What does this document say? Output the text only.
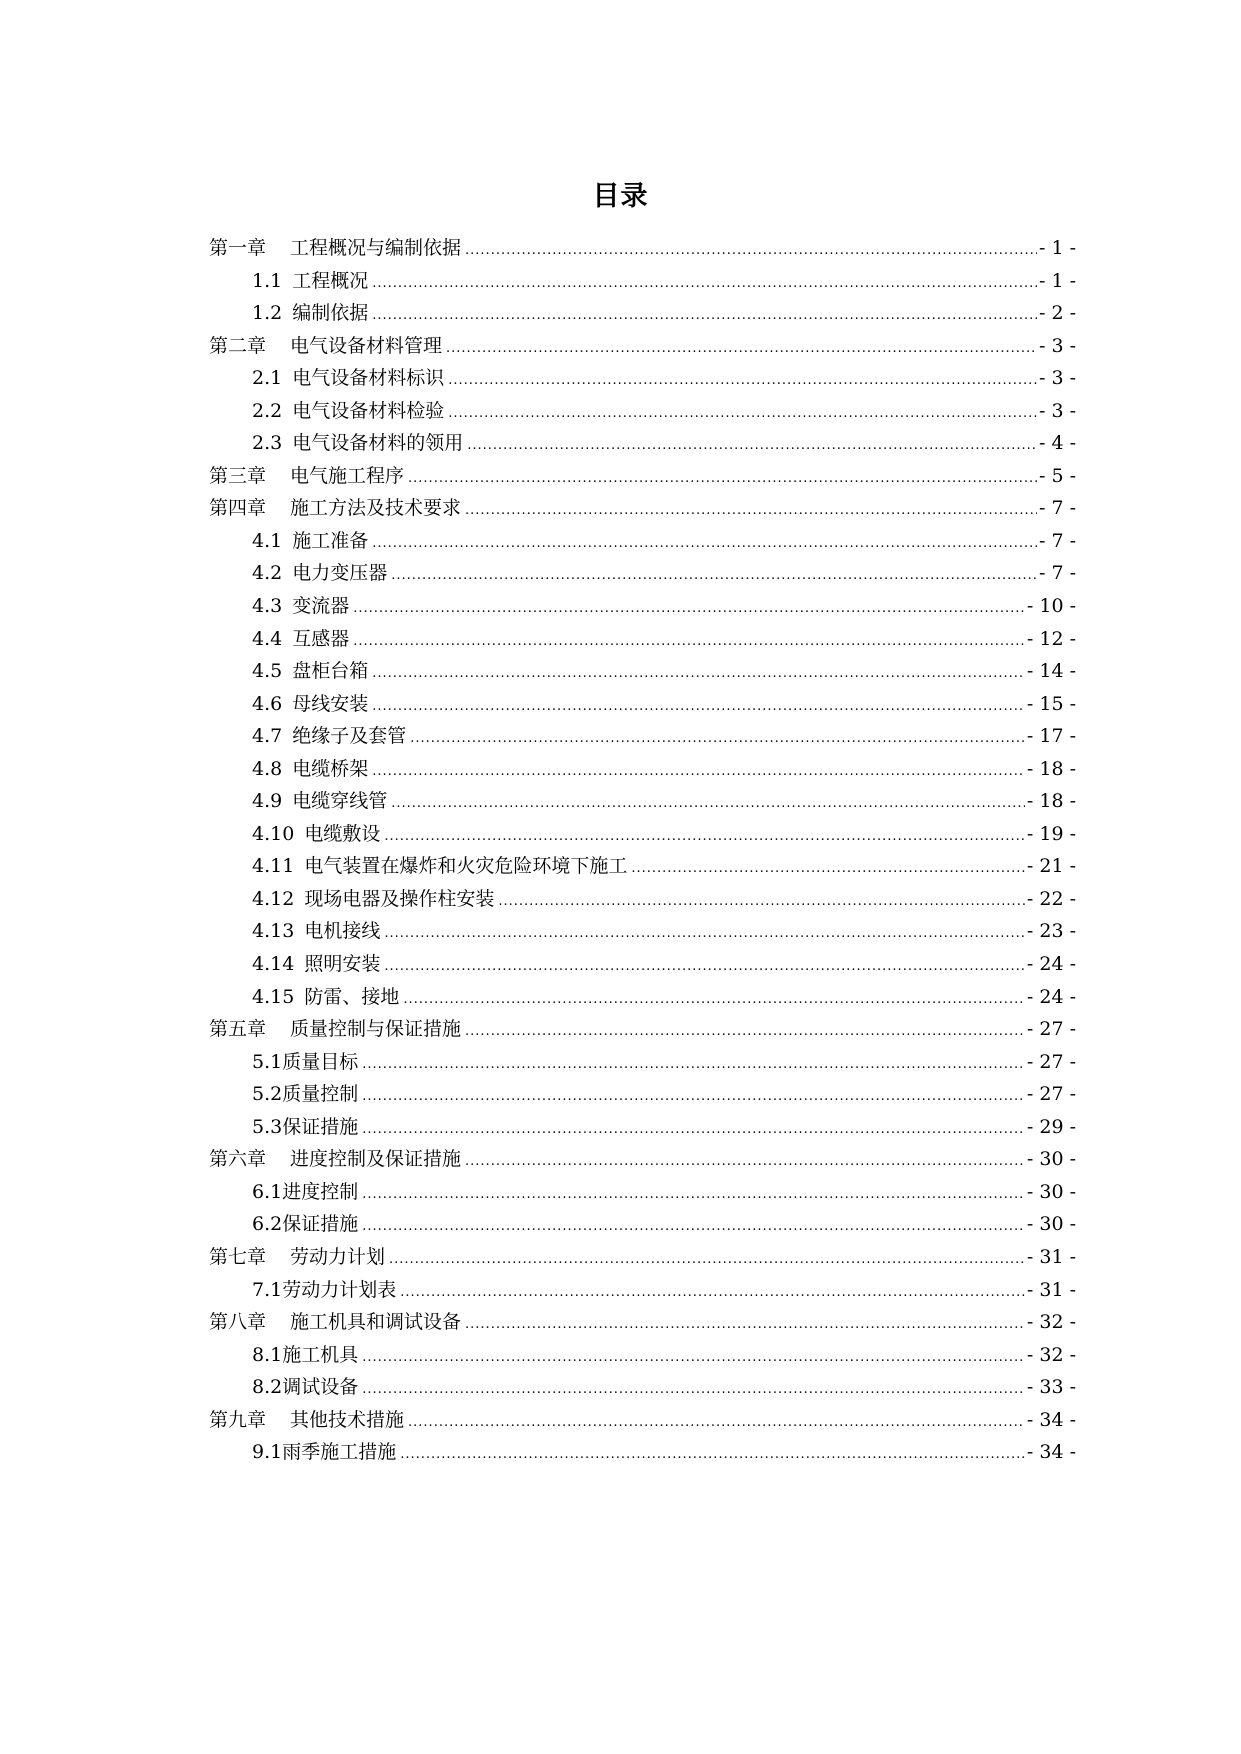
目录
第一章 工程概况与编制依据 .....	- 1 -
1.1 工程概况 .....	- 1 -
1.2 编制依据 .....	- 2 -
第二章 电气设备材料管理 .....	- 3 -
2.1 电气设备材料标识 .....	- 3 -
2.2 电气设备材料检验 .....	- 3 -
2.3 电气设备材料的领用 .....	- 4 -
第三章 电气施工程序 .....	- 5 -
第四章 施工方法及技术要求 .....	- 7 -
4.1 施工准备 .....	- 7 -
4.2 电力变压器 .....	- 7 -
4.3 变流器 .....	- 10 -
4.4 互感器 .....	- 12 -
4.5 盘柜台箱 .....	- 14 -
4.6 母线安装 .....	- 15 -
4.7 绝缘子及套管 .....	- 17 -
4.8 电缆桥架 .....	- 18 -
4.9 电缆穿线管 .....	- 18 -
4.10 电缆敷设 .....	- 19 -
4.11 电气装置在爆炸和火灾危险环境下施工 .....	- 21 -
4.12 现场电器及操作柱安装 .....	- 22 -
4.13 电机接线 .....	- 23 -
4.14 照明安装 .....	- 24 -
4.15 防雷、接地 .....	- 24 -
第五章 质量控制与保证措施 .....	- 27 -
5.1质量目标 .....	- 27 -
5.2质量控制 .....	- 27 -
5.3保证措施 .....	- 29 -
第六章 进度控制及保证措施 .....	- 30 -
6.1进度控制 .....	- 30 -
6.2保证措施 .....	- 30 -
第七章 劳动力计划 .....	- 31 -
7.1劳动力计划表 .....	- 31 -
第八章 施工机具和调试设备 .....	- 32 -
8.1施工机具 .....	- 32 -
8.2调试设备 .....	- 33 -
第九章 其他技术措施 .....	- 34 -
9.1雨季施工措施 .....	- 34 -
